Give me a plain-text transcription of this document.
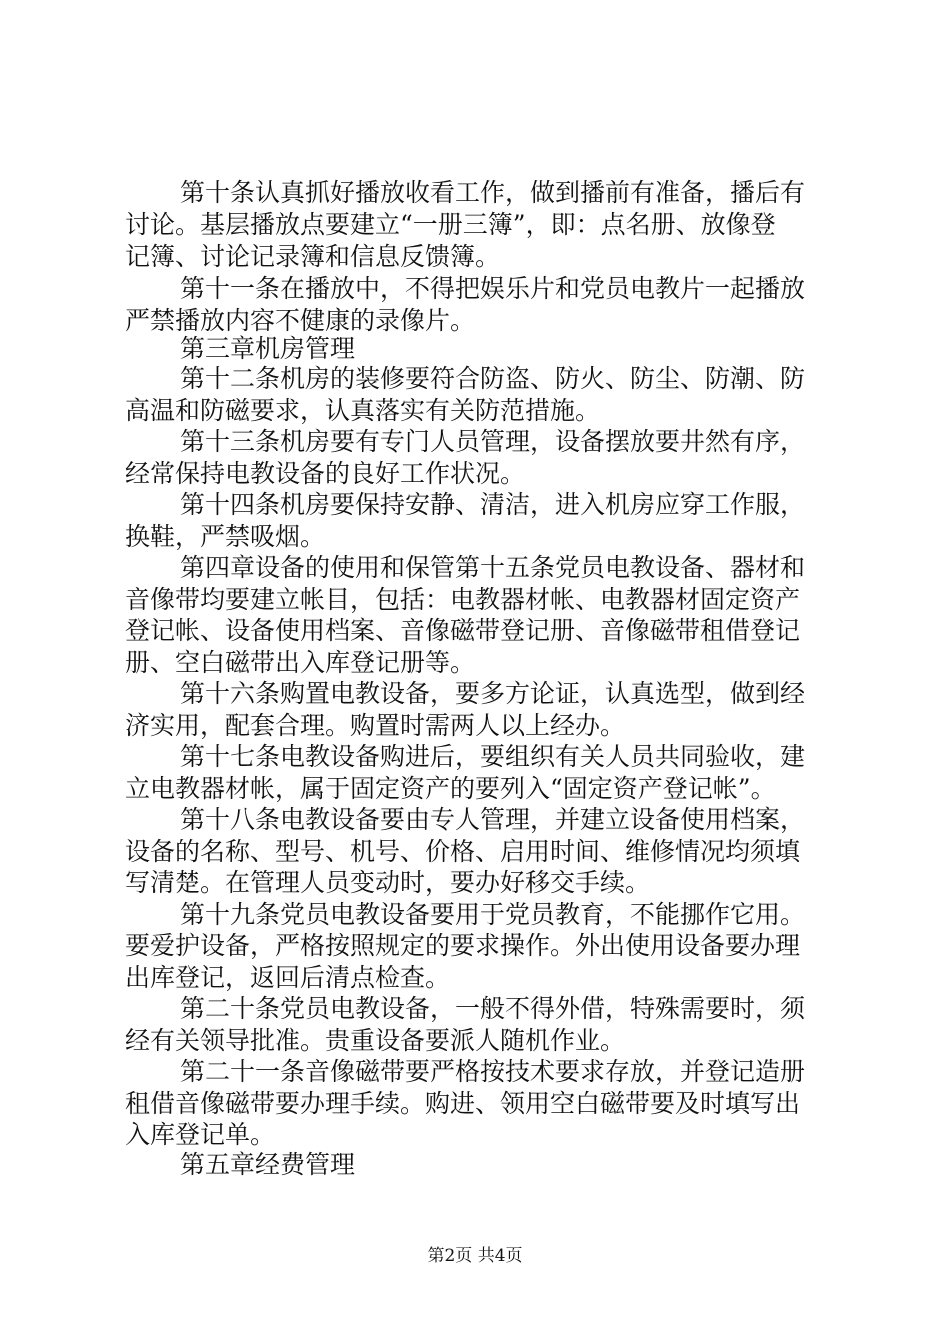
第十条认真抓好播放收看工作，做到播前有准备，播后有
讨论。基层播放点要建立“一册三簿”，即：点名册、放像登
记簿、讨论记录簿和信息反馈簿。
第十一条在播放中，不得把娱乐片和党员电教片一起播放
严禁播放内容不健康的录像片。
第三章机房管理
第十二条机房的装修要符合防盗、防火、防尘、防潮、防
高温和防磁要求，认真落实有关防范措施。
第十三条机房要有专门人员管理，设备摆放要井然有序，
经常保持电教设备的良好工作状况。
第十四条机房要保持安静、清洁，进入机房应穿工作服，
换鞋，严禁吸烟。
第四章设备的使用和保管第十五条党员电教设备、器材和
音像带均要建立帐目，包括：电教器材帐、电教器材固定资产
登记帐、设备使用档案、音像磁带登记册、音像磁带租借登记
册、空白磁带出入库登记册等。
第十六条购置电教设备，要多方论证，认真选型，做到经
济实用，配套合理。购置时需两人以上经办。
第十七条电教设备购进后，要组织有关人员共同验收，建
立电教器材帐，属于固定资产的要列入“固定资产登记帐”。
第十八条电教设备要由专人管理，并建立设备使用档案，
设备的名称、型号、机号、价格、启用时间、维修情况均须填
写清楚。在管理人员变动时，要办好移交手续。
第十九条党员电教设备要用于党员教育，不能挪作它用。
要爱护设备，严格按照规定的要求操作。外出使用设备要办理
出库登记，返回后清点检查。
第二十条党员电教设备，一般不得外借，特殊需要时，须
经有关领导批准。贵重设备要派人随机作业。
第二十一条音像磁带要严格按技术要求存放，并登记造册
租借音像磁带要办理手续。购进、领用空白磁带要及时填写出
入库登记单。
第五章经费管理
第2页 共4页
